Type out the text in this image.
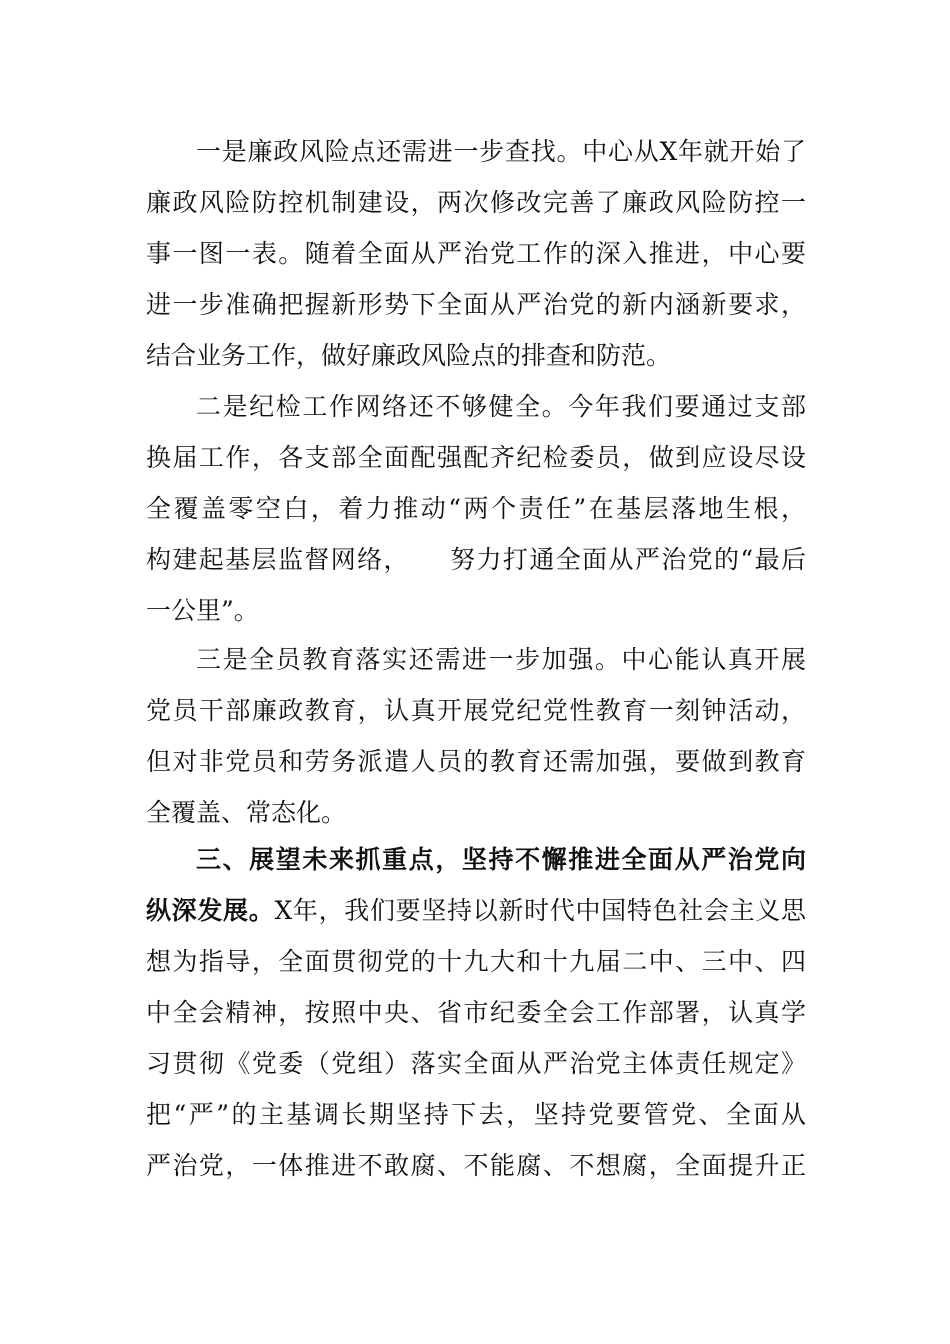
一是廉政风险点还需进一步查找。中心从X年就开始了
廉政风险防控机制建设，两次修改完善了廉政风险防控一
事一图一表。随着全面从严治党工作的深入推进，中心要
进一步准确把握新形势下全面从严治党的新内涵新要求，
结合业务工作，做好廉政风险点的排查和防范。
二是纪检工作网络还不够健全。今年我们要通过支部
换届工作，各支部全面配强配齐纪检委员，做到应设尽设
全覆盖零空白，着力推动“两个责任”在基层落地生根，
构建起基层监督网络，　　努力打通全面从严治党的“最后
一公里”。
三是全员教育落实还需进一步加强。中心能认真开展
党员干部廉政教育，认真开展党纪党性教育一刻钟活动，
但对非党员和劳务派遣人员的教育还需加强，要做到教育
全覆盖、常态化。
三、展望未来抓重点，坚持不懈推进全面从严治党向
纵深发展。X年，我们要坚持以新时代中国特色社会主义思
想为指导，全面贯彻党的十九大和十九届二中、三中、四
中全会精神，按照中央、省市纪委全会工作部署，认真学
习贯彻《党委（党组）落实全面从严治党主体责任规定》
把“严”的主基调长期坚持下去，坚持党要管党、全面从
严治党，一体推进不敢腐、不能腐、不想腐，全面提升正
